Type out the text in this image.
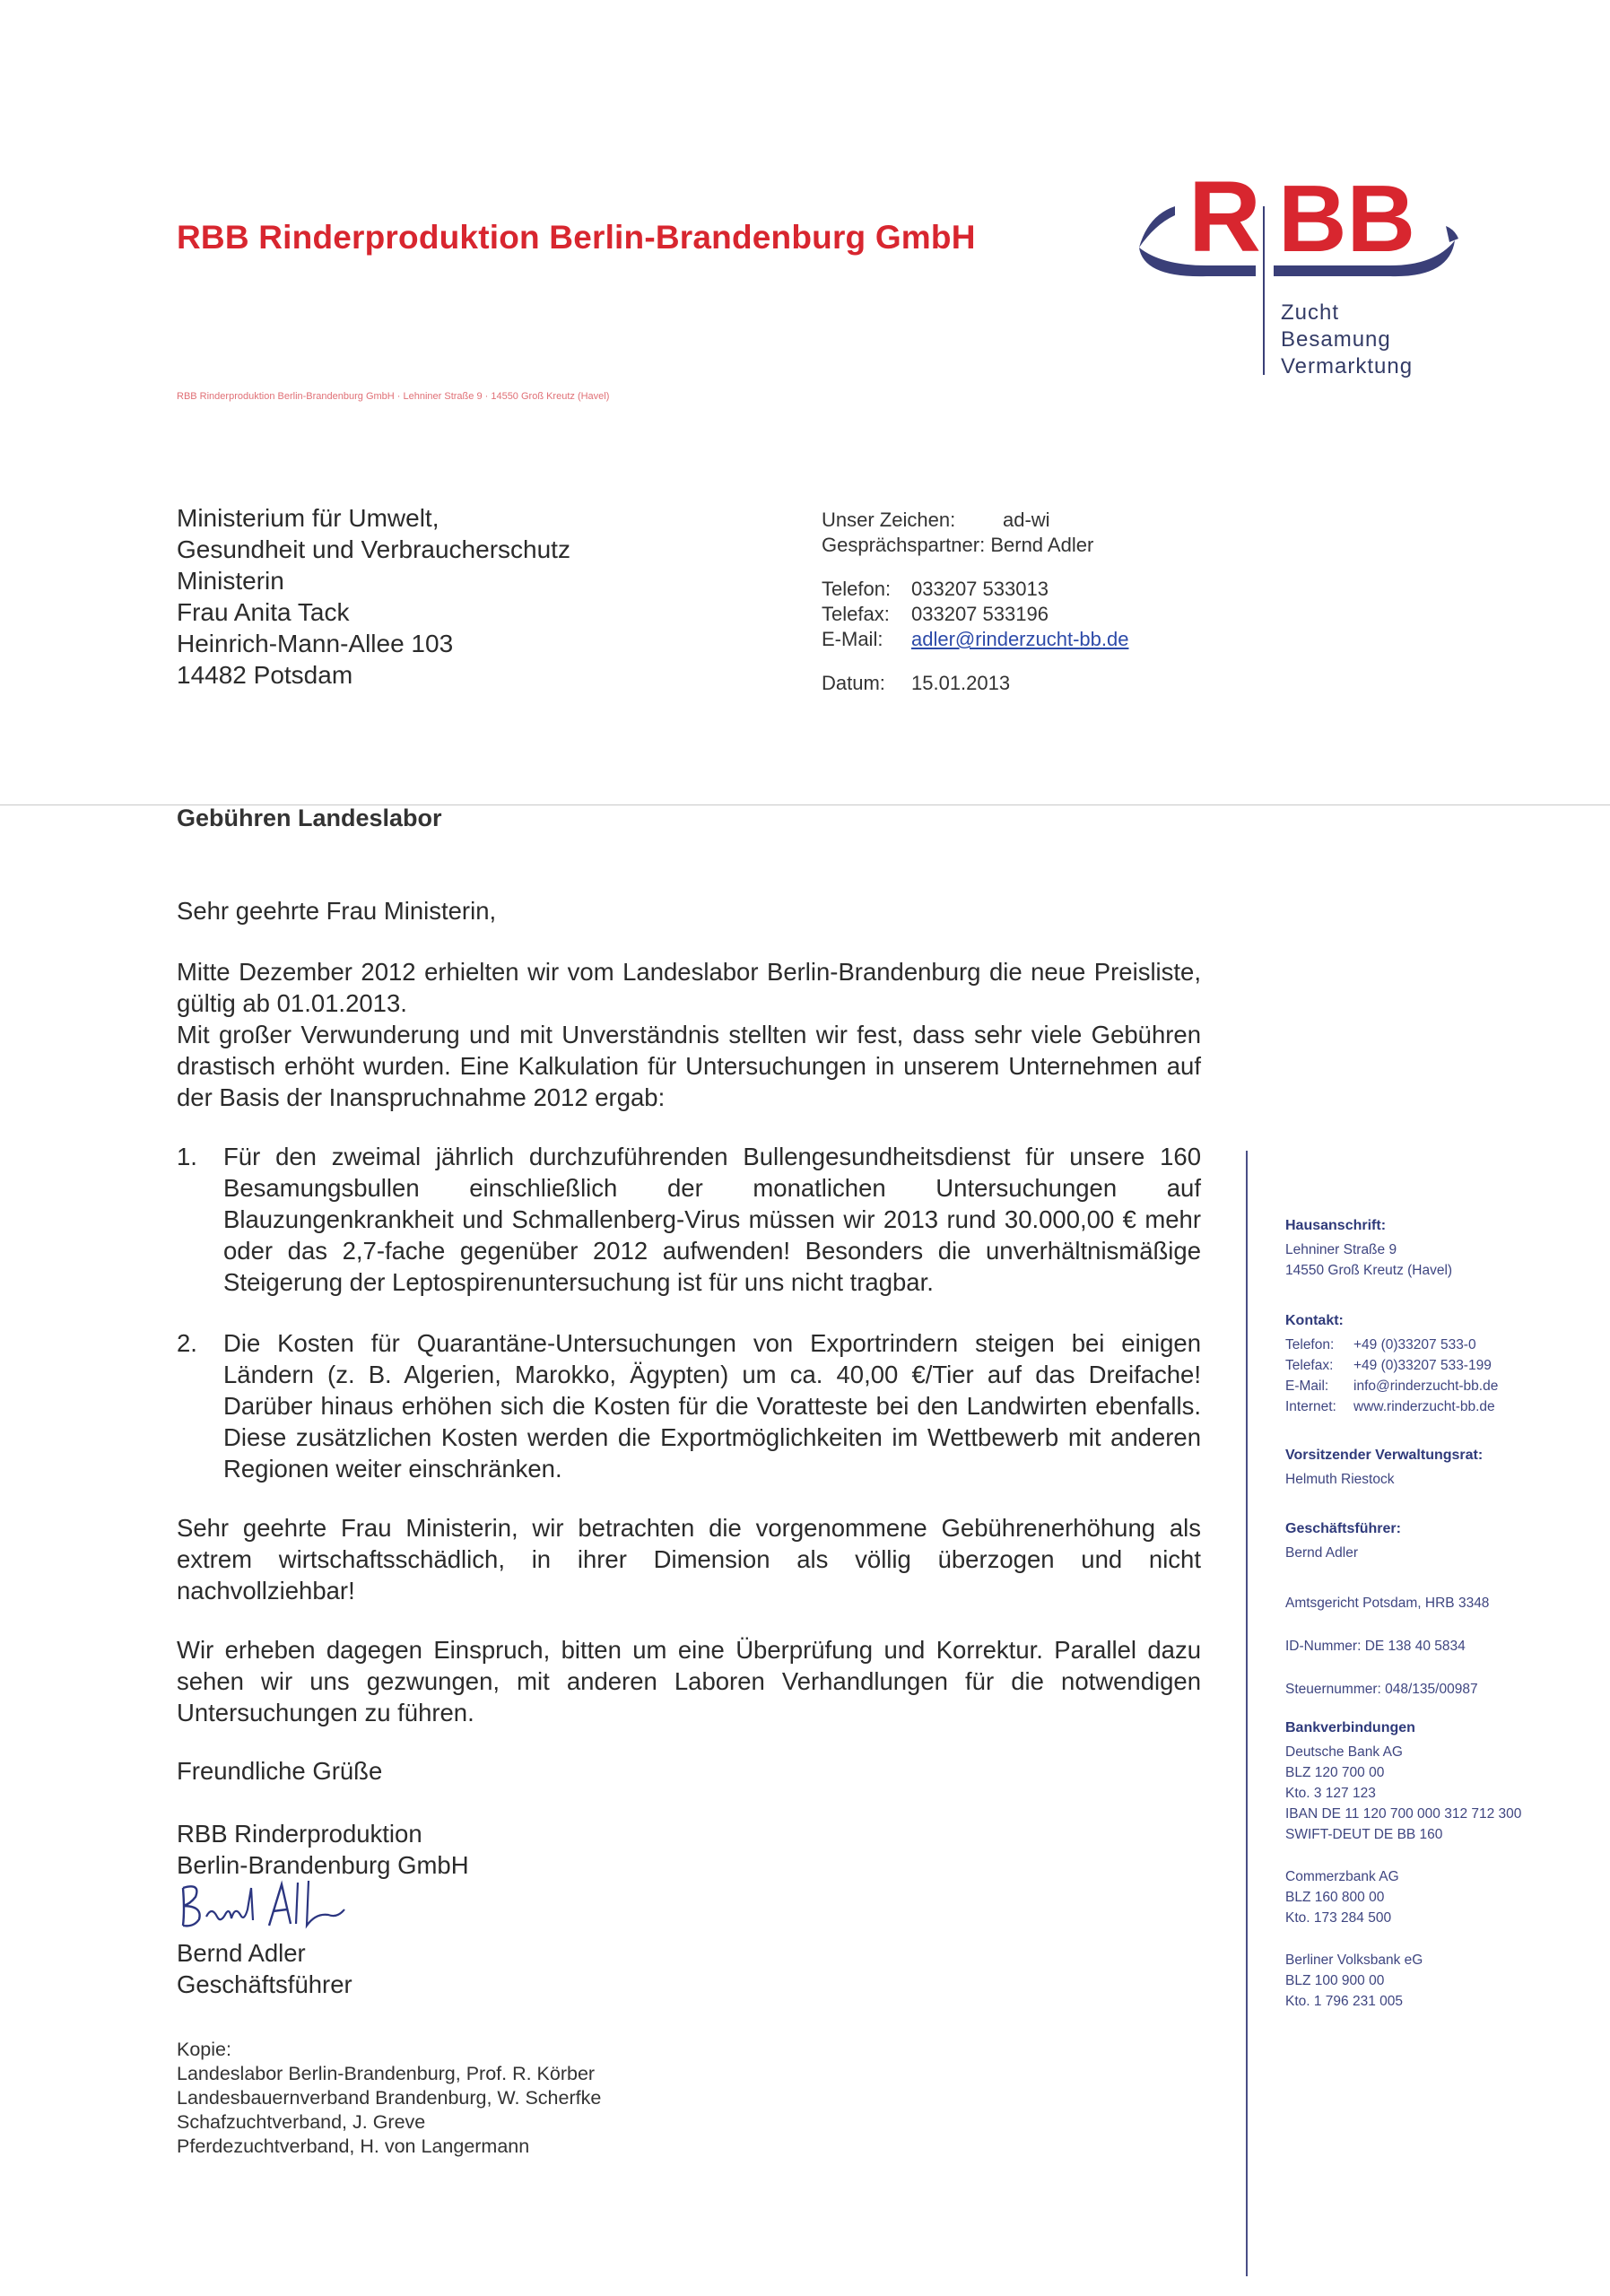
RBB Rinderproduktion Berlin-Brandenburg GmbH R BB
Zucht
Besamung
Vermarktung
RBB Rinderproduktion Berlin-Brandenburg GmbH · Lehniner Straße 9 · 14550 Groß Kreutz (Havel)
Ministerium für Umwelt,
Gesundheit und Verbraucherschutz
Ministerin
Frau Anita Tack
Heinrich-Mann-Allee 103
14482 Potsdam
Unser Zeichen: ad-wi
Gesprächspartner: Bernd Adler
Telefon: 033207 533013
Telefax: 033207 533196
E-Mail: adler@rinderzucht-bb.de
Datum: 15.01.2013
Gebühren Landeslabor

Sehr geehrte Frau Ministerin,

Mitte Dezember 2012 erhielten wir vom Landeslabor Berlin-Brandenburg die neue Preisliste, gültig ab 01.01.2013.

Mit großer Verwunderung und mit Unverständnis stellten wir fest, dass sehr viele Gebühren drastisch erhöht wurden. Eine Kalkulation für Untersuchungen in unserem Unternehmen auf der Basis der Inanspruchnahme 2012 ergab:

1. Für den zweimal jährlich durchzuführenden Bullengesundheitsdienst für unsere 160 Besamungsbullen einschließlich der monatlichen Untersuchungen auf Blauzungenkrankheit und Schmallenberg-Virus müssen wir 2013 rund 30.000,00 € mehr oder das 2,7-fache gegenüber 2012 aufwenden! Besonders die unverhältnismäßige Steigerung der Leptospirenuntersuchung ist für uns nicht tragbar.
2. Die Kosten für Quarantäne-Untersuchungen von Exportrindern steigen bei einigen Ländern (z. B. Algerien, Marokko, Ägypten) um ca. 40,00 €/Tier auf das Dreifache! Darüber hinaus erhöhen sich die Kosten für die Voratteste bei den Landwirten ebenfalls. Diese zusätzlichen Kosten werden die Exportmöglichkeiten im Wettbewerb mit anderen Regionen weiter einschränken.

Sehr geehrte Frau Ministerin, wir betrachten die vorgenommene Gebührenerhöhung als extrem wirtschaftsschädlich, in ihrer Dimension als völlig überzogen und nicht nachvollziehbar!

Wir erheben dagegen Einspruch, bitten um eine Überprüfung und Korrektur. Parallel dazu sehen wir uns gezwungen, mit anderen Laboren Verhandlungen für die notwendigen Untersuchungen zu führen.

Freundliche Grüße
RBB Rinderproduktion
Berlin-Brandenburg GmbH
Bernd Adler
Geschäftsführer
Kopie:
Landeslabor Berlin-Brandenburg, Prof. R. Körber
Landesbauernverband Brandenburg, W. Scherfke
Schafzuchtverband, J. Greve
Pferdezuchtverband, H. von Langermann
Hausanschrift:
Lehniner Straße 9
14550 Groß Kreutz (Havel)
Kontakt:
Telefon: +49 (0)33207 533-0
Telefax: +49 (0)33207 533-199
E-Mail: info@rinderzucht-bb.de
Internet: www.rinderzucht-bb.de
Vorsitzender Verwaltungsrat:
Helmuth Riestock
Geschäftsführer:
Bernd Adler
Amtsgericht Potsdam, HRB 3348
ID-Nummer: DE 138 40 5834
Steuernummer: 048/135/00987
Bankverbindungen
Deutsche Bank AG
BLZ 120 700 00
Kto. 3 127 123
IBAN DE 11 120 700 000 312 712 300
SWIFT-DEUT DE BB 160
Commerzbank AG
BLZ 160 800 00
Kto. 173 284 500
Berliner Volksbank eG
BLZ 100 900 00
Kto. 1 796 231 005
